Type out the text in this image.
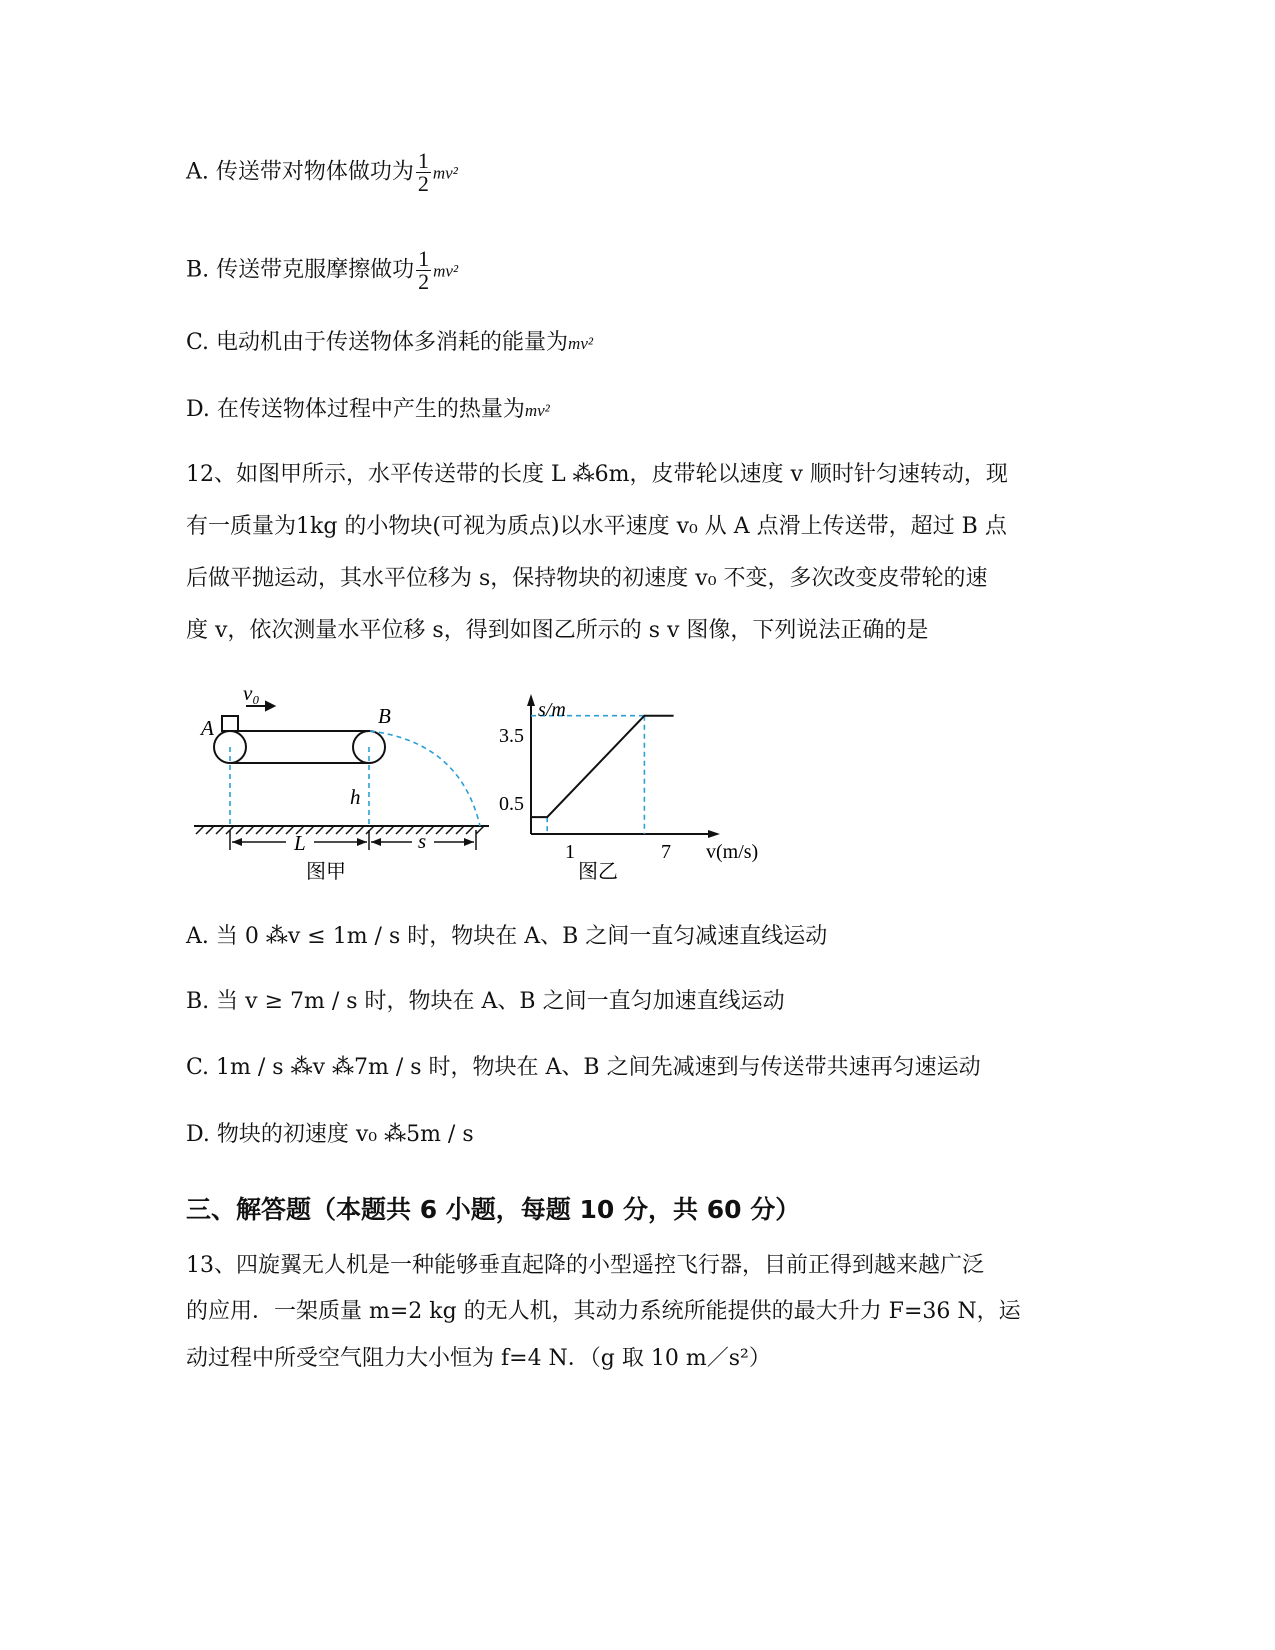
A. 传送带对物体做功为 $\frac{1}{2} mv^2$
B. 传送带克服摩擦做功 $\frac{1}{2} mv^2$
C. 电动机由于传送物体多消耗的能量为mv²
D. 在传送物体过程中产生的热量为mv²
12、如图甲所示，水平传送带的长度 L ⁂6m，皮带轮以速度 v 顺时针匀速转动，现
有一质量为1kg 的小物块(可视为质点)以水平速度 v₀ 从 A 点滑上传送带，超过 B 点
后做平抛运动，其水平位移为 s，保持物块的初速度 v₀ 不变，多次改变皮带轮的速
度 v，依次测量水平位移 s，得到如图乙所示的 s v 图像，下列说法正确的是
v₀
A	B
h
L	s
图甲
s/m
3.5
0.5
1	7 v(m/s)
图乙
A. 当 0 ⁂v ≤ 1m / s 时，物块在 A、B 之间一直匀减速直线运动
B. 当 v ≥ 7m / s 时，物块在 A、B 之间一直匀加速直线运动
C. 1m / s ⁂v ⁂7m / s 时，物块在 A、B 之间先减速到与传送带共速再匀速运动
D. 物块的初速度 v₀ ⁂5m / s
三、解答题（本题共 6 小题，每题 10 分，共 60 分）
13、四旋翼无人机是一种能够垂直起降的小型遥控飞行器，目前正得到越来越广泛
的应用．一架质量 m=2 kg 的无人机，其动力系统所能提供的最大升力 F=36 N，运
动过程中所受空气阻力大小恒为 f=4 N．（g 取 10 m／s²）
